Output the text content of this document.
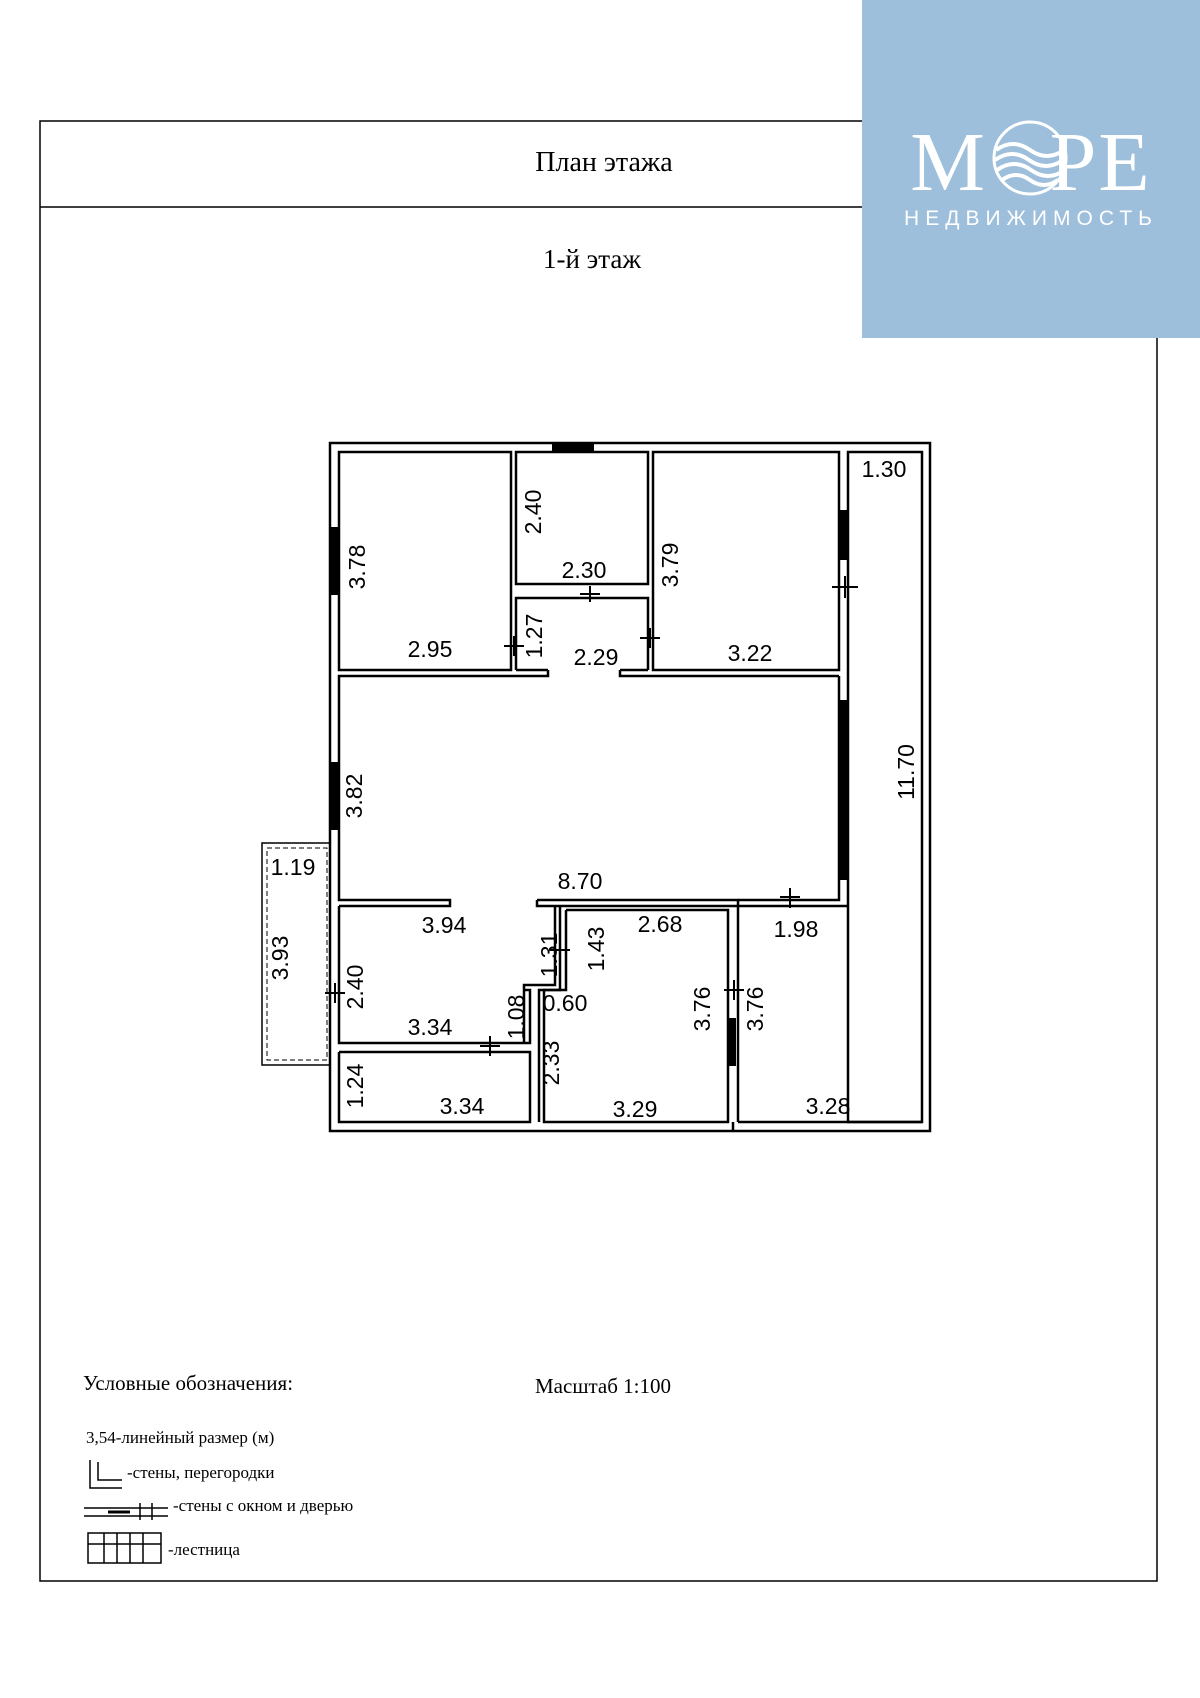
План этажа
1-й этаж
3.78
2.95
2.40
2.30
1.27 2.29
3.79
3.22
1.30
11.70
3.82
8.70
1.19
3.93
3.94
2.40
3.34
1.31 1.43
2.68	1.98
1.08 0.60	3.76 3.76
2.33
1.24	3.34	3.29	3.28
Условные обозначения:	Масштаб 1:100
3,54-линейный размер (м)
-стены, перегородки
-стены с окном и дверью
-лестница
МОРЕ
НЕДВИЖИМОСТЬ
